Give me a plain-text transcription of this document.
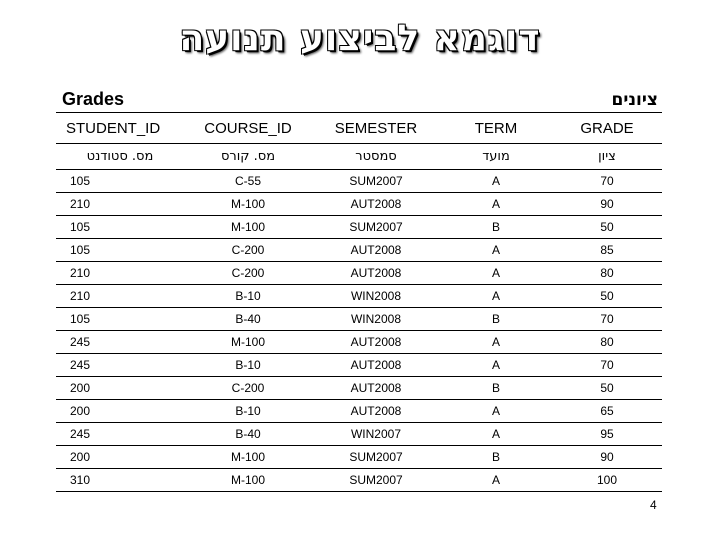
דוגמא לביצוע תנועה
Grades	ציונים
STUDENT_ID	COURSE_ID	SEMESTER	TERM	GRADE
מס. סטודנט	מס. קורס	סמסטר	מועד	ציון
105	C-55	SUM2007	A	70
210	M-100	AUT2008	A	90
105	M-100	SUM2007	B	50
105	C-200	AUT2008	A	85
210	C-200	AUT2008	A	80
210	B-10	WIN2008	A	50
105	B-40	WIN2008	B	70
245	M-100	AUT2008	A	80
245	B-10	AUT2008	A	70
200	C-200	AUT2008	B	50
200	B-10	AUT2008	A	65
245	B-40	WIN2007	A	95
200	M-100	SUM2007	B	90
310	M-100	SUM2007	A	100
4
